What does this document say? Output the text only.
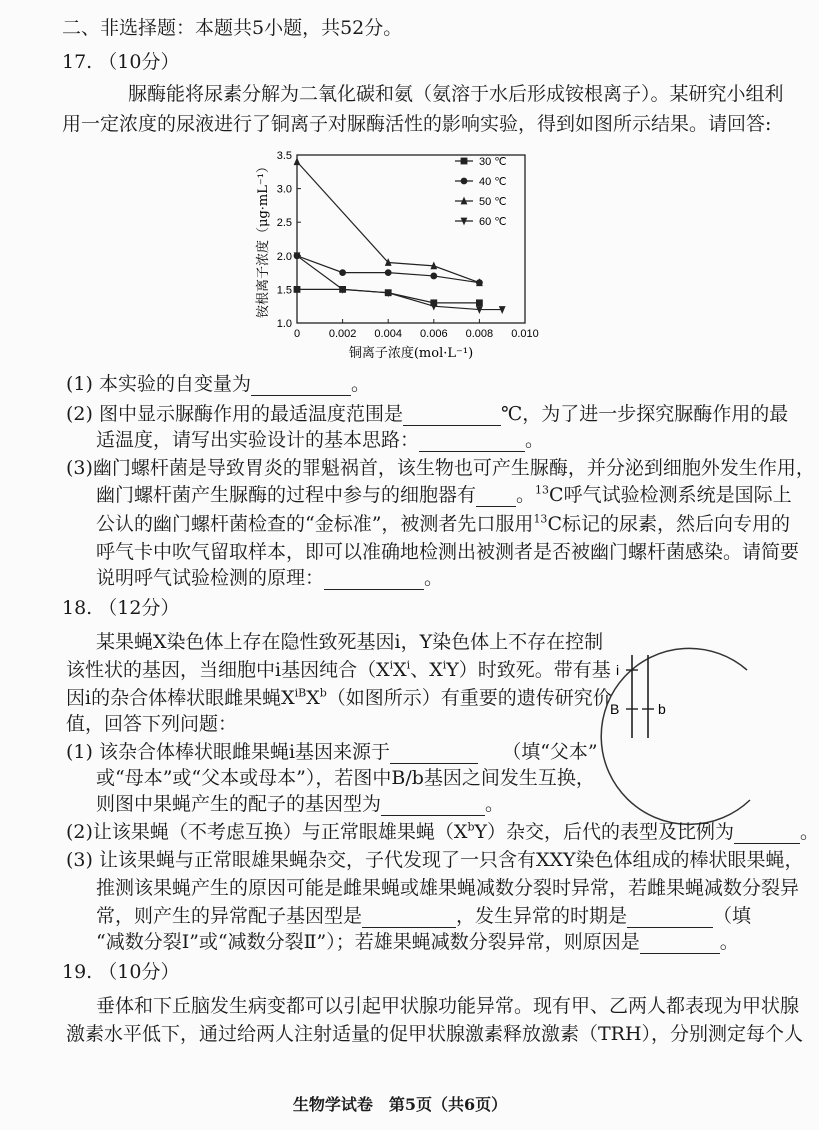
二、非选择题：本题共5小题，共52分。
17. （10分）
脲酶能将尿素分解为二氧化碳和氨（氨溶于水后形成铵根离子）。某研究小组利
用一定浓度的尿液进行了铜离子对脲酶活性的影响实验，得到如图所示结果。请回答:
1.0
1.5
2.0
2.5
3.0
3.5
0	0.002 0.004 0.006 0.008 0.010
铜离子浓度(mol·L⁻¹)
铵根离子浓度（μg·mL⁻¹）	30 ℃
40 ℃
50 ℃
60 ℃
(1) 本实验的自变量为	。
(2) 图中显示脲酶作用的最适温度范围是	℃，为了进一步探究脲酶作用的最
适温度，请写出实验设计的基本思路：	。
(3)幽门螺杆菌是导致胃炎的罪魁祸首，该生物也可产生脲酶，并分泌到细胞外发生作用，
幽门螺杆菌产生脲酶的过程中参与的细胞器有 。$^{13}$C呼气试验检测系统是国际上
公认的幽门螺杆菌检查的“金标准”，被测者先口服用$^{13}$C标记的尿素，然后向专用的
呼气卡中吹气留取样本，即可以准确地检测出被测者是否被幽门螺杆菌感染。请简要
说明呼气试验检测的原理：	。
18. （12分）
某果蝇X染色体上存在隐性致死基因i，Y染色体上不存在控制
该性状的基因，当细胞中i基因纯合（$X^iX^i$、$X^iY$）时致死。带有基
因i的杂合体棒状眼雌果蝇$X^{iB}X^b$（如图所示）有重要的遗传研究价
值，回答下列问题：
i
B	b
(1) 该杂合体棒状眼雌果蝇i基因来源于	（填“父本”
或“母本”或“父本或母本”），若图中B/b基因之间发生互换，
则图中果蝇产生的配子的基因型为	。
(2)让该果蝇（不考虑互换）与正常眼雄果蝇$(X^bY)$杂交，后代的表型及比例为	。
(3) 让该果蝇与正常眼雄果蝇杂交，子代发现了一只含有XXY染色体组成的棒状眼果蝇，
推测该果蝇产生的原因可能是雌果蝇或雄果蝇减数分裂时异常，若雌果蝇减数分裂异
常，则产生的异常配子基因型是	，发生异常的时期是	（填
“减数分裂Ⅰ”或“减数分裂Ⅱ”）；若雄果蝇减数分裂异常，则原因是	。
19. （10分）
垂体和下丘脑发生病变都可以引起甲状腺功能异常。现有甲、乙两人都表现为甲状腺
激素水平低下，通过给两人注射适量的促甲状腺激素释放激素（TRH），分别测定每个人
生物学试卷　第5页（共6页）
